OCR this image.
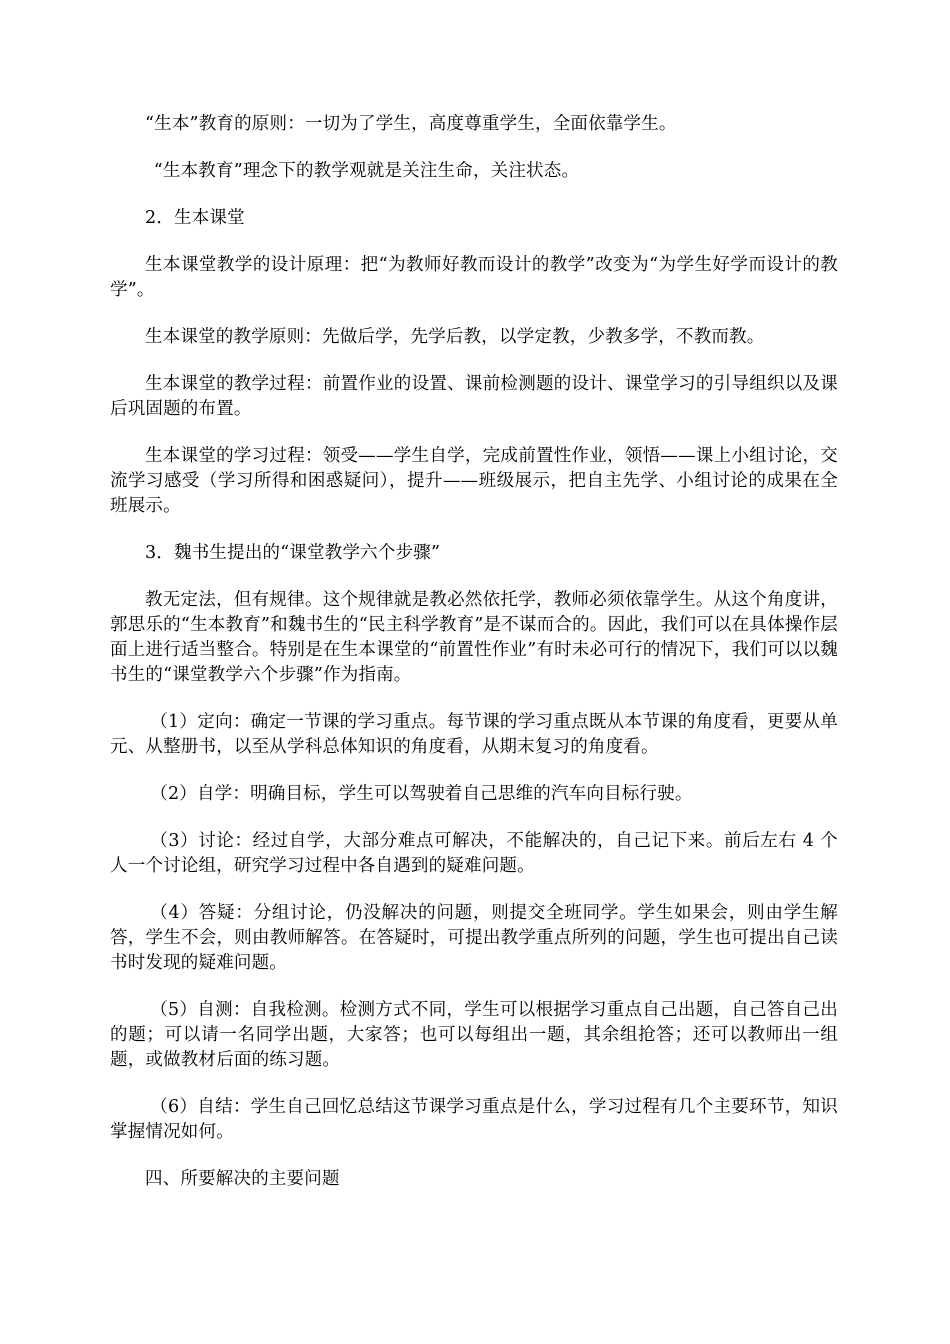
“生本”教育的原则：一切为了学生，高度尊重学生，全面依靠学生。

“生本教育”理念下的教学观就是关注生命，关注状态。

2．生本课堂

生本课堂教学的设计原理：把“为教师好教而设计的教学”改变为“为学生好学而设计的教学”。

生本课堂的教学原则：先做后学，先学后教，以学定教，少教多学，不教而教。

生本课堂的教学过程：前置作业的设置、课前检测题的设计、课堂学习的引导组织以及课后巩固题的布置。

生本课堂的学习过程：领受——学生自学，完成前置性作业，领悟——课上小组讨论，交流学习感受（学习所得和困惑疑问），提升——班级展示，把自主先学、小组讨论的成果在全班展示。

3．魏书生提出的“课堂教学六个步骤”

教无定法，但有规律。这个规律就是教必然依托学，教师必须依靠学生。从这个角度讲，郭思乐的“生本教育”和魏书生的“民主科学教育”是不谋而合的。因此，我们可以在具体操作层面上进行适当整合。特别是在生本课堂的“前置性作业”有时未必可行的情况下，我们可以以魏书生的“课堂教学六个步骤”作为指南。

（1）定向：确定一节课的学习重点。每节课的学习重点既从本节课的角度看，更要从单元、从整册书，以至从学科总体知识的角度看，从期末复习的角度看。

（2）自学：明确目标，学生可以驾驶着自己思维的汽车向目标行驶。

（3）讨论：经过自学，大部分难点可解决，不能解决的，自己记下来。前后左右 4 个人一个讨论组，研究学习过程中各自遇到的疑难问题。

（4）答疑：分组讨论，仍没解决的问题，则提交全班同学。学生如果会，则由学生解答，学生不会，则由教师解答。在答疑时，可提出教学重点所列的问题，学生也可提出自己读书时发现的疑难问题。

（5）自测：自我检测。检测方式不同，学生可以根据学习重点自己出题，自己答自己出的题；可以请一名同学出题，大家答；也可以每组出一题，其余组抢答；还可以教师出一组题，或做教材后面的练习题。

（6）自结：学生自己回忆总结这节课学习重点是什么，学习过程有几个主要环节，知识掌握情况如何。

四、所要解决的主要问题
